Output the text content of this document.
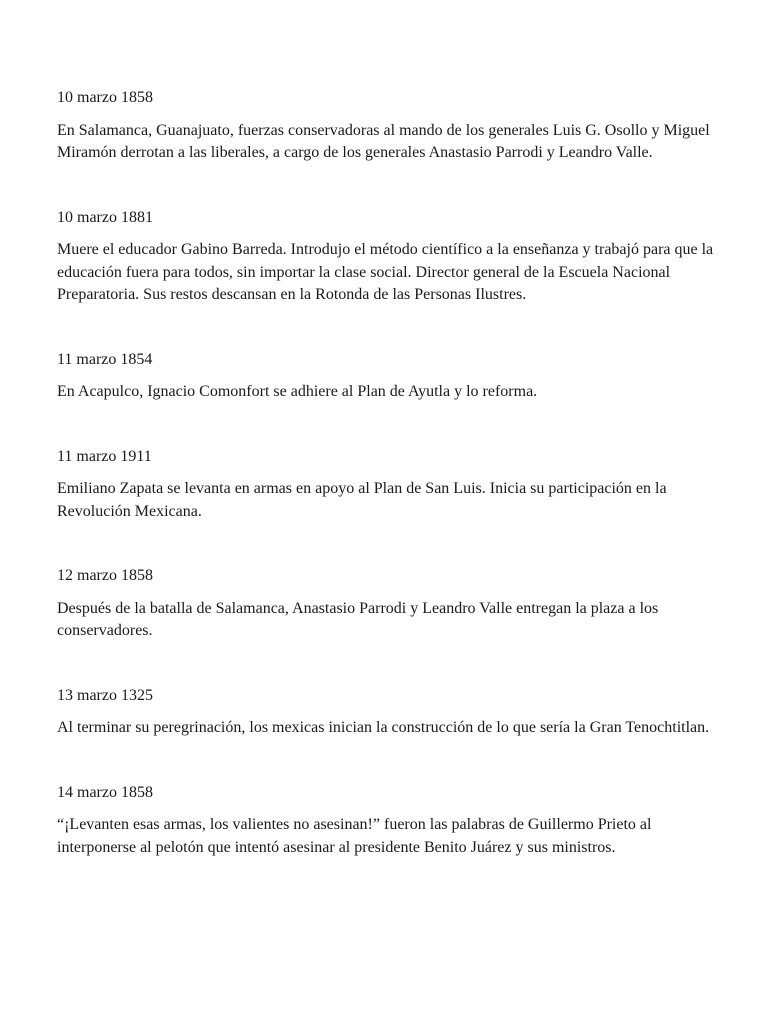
10 marzo 1858

En Salamanca, Guanajuato, fuerzas conservadoras al mando de los generales Luis G. Osollo y Miguel Miramón derrotan a las liberales, a cargo de los generales Anastasio Parrodi y Leandro Valle.

10 marzo 1881

Muere el educador Gabino Barreda. Introdujo el método científico a la enseñanza y trabajó para que la educación fuera para todos, sin importar la clase social. Director general de la Escuela Nacional Preparatoria. Sus restos descansan en la Rotonda de las Personas Ilustres.

11 marzo 1854

En Acapulco, Ignacio Comonfort se adhiere al Plan de Ayutla y lo reforma.

11 marzo 1911

Emiliano Zapata se levanta en armas en apoyo al Plan de San Luis. Inicia su participación en la Revolución Mexicana.

12 marzo 1858

Después de la batalla de Salamanca, Anastasio Parrodi y Leandro Valle entregan la plaza a los conservadores.

13 marzo 1325

Al terminar su peregrinación, los mexicas inician la construcción de lo que sería la Gran Tenochtitlan.

14 marzo 1858

“¡Levanten esas armas, los valientes no asesinan!” fueron las palabras de Guillermo Prieto al interponerse al pelotón que intentó asesinar al presidente Benito Juárez y sus ministros.
